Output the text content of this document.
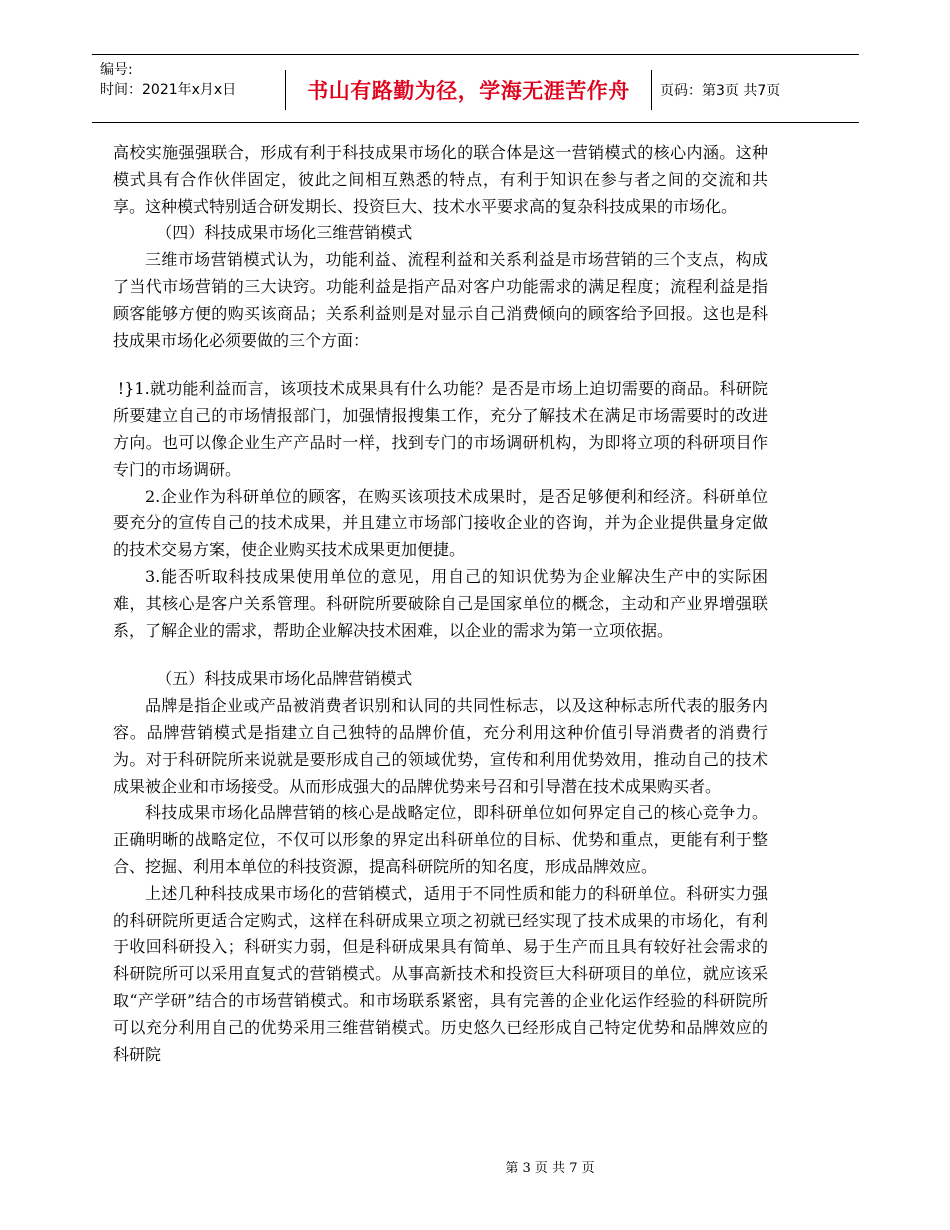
编号:
时间：2021年x月x日	书山有路勤为径，学海无涯苦作舟	页码：第3页 共7页

高校实施强强联合，形成有利于科技成果市场化的联合体是这一营销模式的核心内涵。这种模式具有合作伙伴固定，彼此之间相互熟悉的特点，有利于知识在参与者之间的交流和共享。这种模式特别适合研发期长、投资巨大、技术水平要求高的复杂科技成果的市场化。

（四）科技成果市场化三维营销模式

三维市场营销模式认为，功能利益、流程利益和关系利益是市场营销的三个支点，构成了当代市场营销的三大诀窍。功能利益是指产品对客户功能需求的满足程度；流程利益是指顾客能够方便的购买该商品；关系利益则是对显示自己消费倾向的顾客给予回报。这也是科技成果市场化必须要做的三个方面：

!}1.就功能利益而言，该项技术成果具有什么功能？是否是市场上迫切需要的商品。科研院所要建立自己的市场情报部门，加强情报搜集工作，充分了解技术在满足市场需要时的改进方向。也可以像企业生产产品时一样，找到专门的市场调研机构，为即将立项的科研项目作专门的市场调研。

2.企业作为科研单位的顾客，在购买该项技术成果时，是否足够便利和经济。科研单位要充分的宣传自己的技术成果，并且建立市场部门接收企业的咨询，并为企业提供量身定做的技术交易方案，使企业购买技术成果更加便捷。

3.能否听取科技成果使用单位的意见，用自己的知识优势为企业解决生产中的实际困难，其核心是客户关系管理。科研院所要破除自己是国家单位的概念，主动和产业界增强联系，了解企业的需求，帮助企业解决技术困难，以企业的需求为第一立项依据。

（五）科技成果市场化品牌营销模式

品牌是指企业或产品被消费者识别和认同的共同性标志，以及这种标志所代表的服务内容。品牌营销模式是指建立自己独特的品牌价值，充分利用这种价值引导消费者的消费行为。对于科研院所来说就是要形成自己的领域优势，宣传和利用优势效用，推动自己的技术成果被企业和市场接受。从而形成强大的品牌优势来号召和引导潜在技术成果购买者。

科技成果市场化品牌营销的核心是战略定位，即科研单位如何界定自己的核心竞争力。正确明晰的战略定位，不仅可以形象的界定出科研单位的目标、优势和重点，更能有利于整合、挖掘、利用本单位的科技资源，提高科研院所的知名度，形成品牌效应。

上述几种科技成果市场化的营销模式，适用于不同性质和能力的科研单位。科研实力强的科研院所更适合定购式，这样在科研成果立项之初就已经实现了技术成果的市场化，有利于收回科研投入；科研实力弱，但是科研成果具有简单、易于生产而且具有较好社会需求的科研院所可以采用直复式的营销模式。从事高新技术和投资巨大科研项目的单位，就应该采取“产学研”结合的市场营销模式。和市场联系紧密，具有完善的企业化运作经验的科研院所可以充分利用自己的优势采用三维营销模式。历史悠久已经形成自己特定优势和品牌效应的科研院

第 3 页 共 7 页
